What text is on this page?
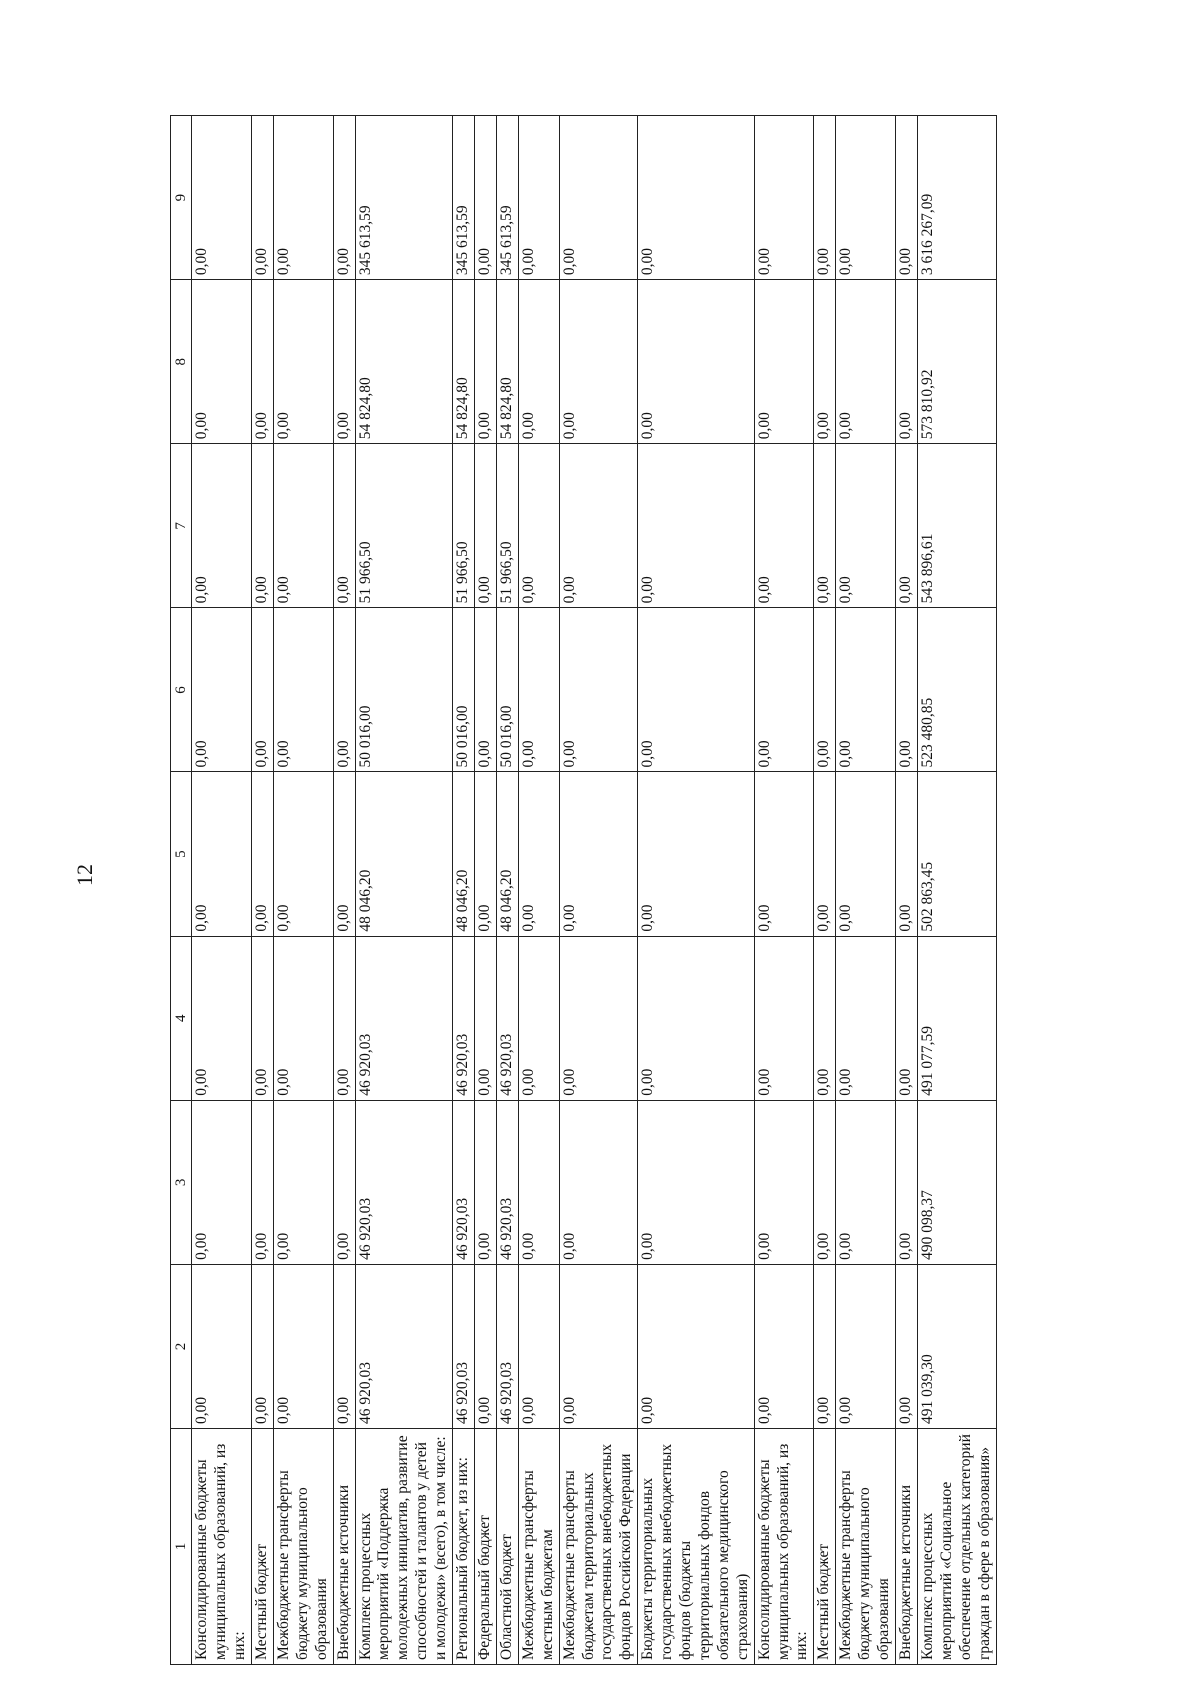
12
1	2	3	4	5	6	7	8	9
Консолидированные бюджеты муниципальных образований, из них:	0,00	0,00	0,00	0,00	0,00	0,00	0,00	0,00
Местный бюджет	0,00	0,00	0,00	0,00	0,00	0,00	0,00	0,00
Межбюджетные трансферты бюджету муниципального образования	0,00	0,00	0,00	0,00	0,00	0,00	0,00	0,00
Внебюджетные источники	0,00	0,00	0,00	0,00	0,00	0,00	0,00	0,00
Комплекс процессных мероприятий «Поддержка молодежных инициатив, развитие способностей и талантов у детей и молодежи» (всего), в том числе:	46 920,03	46 920,03	46 920,03	48 046,20	50 016,00	51 966,50	54 824,80	345 613,59
Региональный бюджет, из них:	46 920,03	46 920,03	46 920,03	48 046,20	50 016,00	51 966,50	54 824,80	345 613,59
Федеральный бюджет	0,00	0,00	0,00	0,00	0,00	0,00	0,00	0,00
Областной бюджет	46 920,03	46 920,03	46 920,03	48 046,20	50 016,00	51 966,50	54 824,80	345 613,59
Межбюджетные трансферты местным бюджетам	0,00	0,00	0,00	0,00	0,00	0,00	0,00	0,00
Межбюджетные трансферты бюджетам территориальных государственных внебюджетных фондов Российской Федерации	0,00	0,00	0,00	0,00	0,00	0,00	0,00	0,00
Бюджеты территориальных государственных внебюджетных фондов (бюджеты территориальных фондов обязательного медицинского страхования)	0,00	0,00	0,00	0,00	0,00	0,00	0,00	0,00
Консолидированные бюджеты муниципальных образований, из них:	0,00	0,00	0,00	0,00	0,00	0,00	0,00	0,00
Местный бюджет	0,00	0,00	0,00	0,00	0,00	0,00	0,00	0,00
Межбюджетные трансферты бюджету муниципального образования	0,00	0,00	0,00	0,00	0,00	0,00	0,00	0,00
Внебюджетные источники	0,00	0,00	0,00	0,00	0,00	0,00	0,00	0,00
Комплекс процессных мероприятий «Социальное обеспечение отдельных категорий граждан в сфере в образования»	491 039,30	490 098,37	491 077,59	502 863,45	523 480,85	543 896,61	573 810,92	3 616 267,09
